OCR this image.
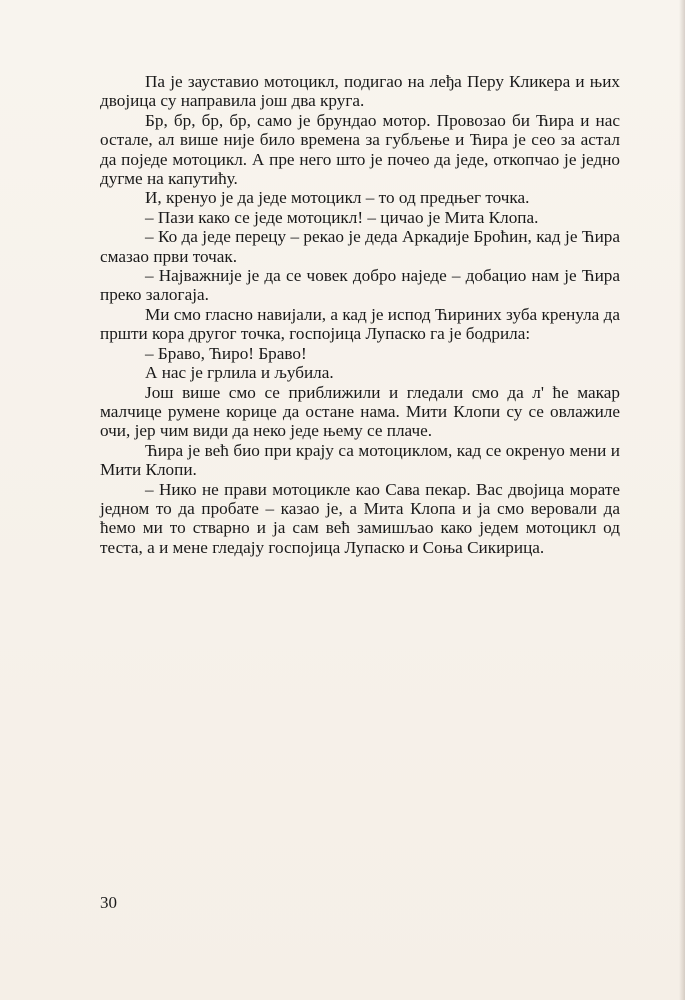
Па је зауставио мотоцикл, подигао на леђа Перу Кликера и њих двојица су направила још два круга.

Бр, бр, бр, бр, само је брундао мотор. Провозао би Ћира и нас остале, ал више није било времена за губљење и Ћира је сео за астал да поједе мотоцикл. А пре него што је почео да једе, откопчао је једно дугме на капутићу.

И, кренуо је да једе мотоцикл – то од предњег точка.

– Пази како се једе мотоцикл! – цичао је Мита Клопа.

– Ко да једе перецу – рекао је деда Аркадије Броћин, кад је Ћира смазао први точак.

– Најважније је да се човек добро наједе – добацио нам је Ћира преко залогаја.

Ми смо гласно навијали, а кад је испод Ћириних зуба кренула да пршти кора другог точка, госпојица Лупаско га је бодрила:

– Браво, Ћиро! Браво!

А нас је грлила и љубила.

Још више смо се приближили и гледали смо да л' ће макар малчице румене корице да остане нама. Мити Клопи су се овлажиле очи, јер чим види да неко једе њему се плаче.

Ћира је већ био при крају са мотоциклом, кад се окренуо мени и Мити Клопи.

– Нико не прави мотоцикле као Сава пекар. Вас двојица морате једном то да пробате – казао је, а Мита Клопа и ја смо веровали да ћемо ми то стварно и ја сам већ замишљао како једем мотоцикл од теста, а и мене гледају госпојица Лупаско и Соња Сикирица.

30
